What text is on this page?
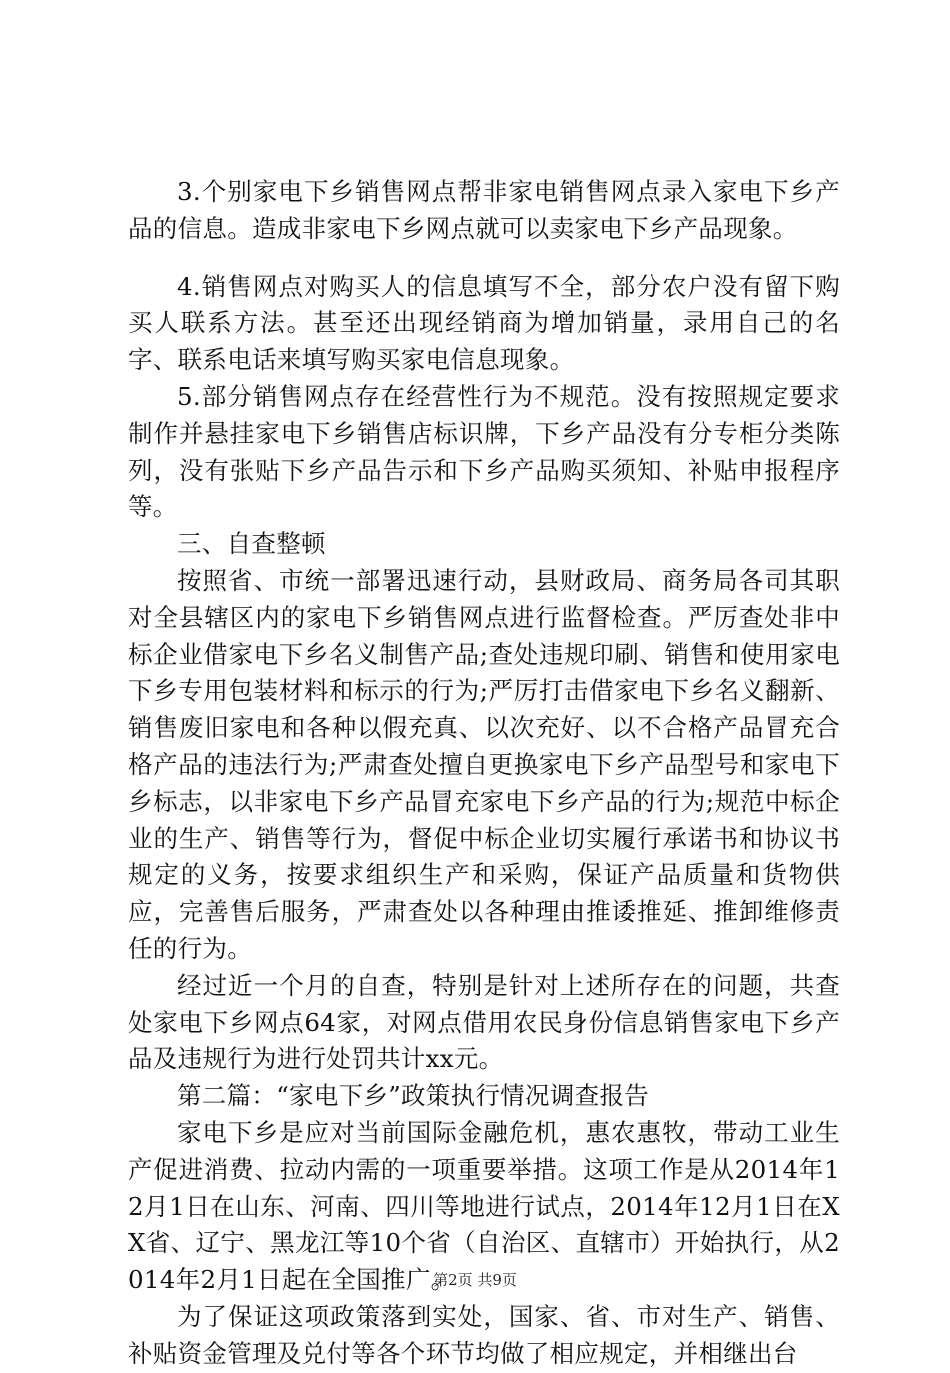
3.个别家电下乡销售网点帮非家电销售网点录入家电下乡产品的信息。造成非家电下乡网点就可以卖家电下乡产品现象。

4.销售网点对购买人的信息填写不全，部分农户没有留下购买人联系方法。甚至还出现经销商为增加销量，录用自己的名字、联系电话来填写购买家电信息现象。

5.部分销售网点存在经营性行为不规范。没有按照规定要求制作并悬挂家电下乡销售店标识牌，下乡产品没有分专柜分类陈列，没有张贴下乡产品告示和下乡产品购买须知、补贴申报程序等。

三、自查整顿

按照省、市统一部署迅速行动，县财政局、商务局各司其职对全县辖区内的家电下乡销售网点进行监督检查。严厉查处非中标企业借家电下乡名义制售产品;查处违规印刷、销售和使用家电下乡专用包装材料和标示的行为;严厉打击借家电下乡名义翻新、销售废旧家电和各种以假充真、以次充好、以不合格产品冒充合格产品的违法行为;严肃查处擅自更换家电下乡产品型号和家电下乡标志，以非家电下乡产品冒充家电下乡产品的行为;规范中标企业的生产、销售等行为，督促中标企业切实履行承诺书和协议书规定的义务，按要求组织生产和采购，保证产品质量和货物供应，完善售后服务，严肃查处以各种理由推诿推延、推卸维修责任的行为。

经过近一个月的自查，特别是针对上述所存在的问题，共查处家电下乡网点64家，对网点借用农民身份信息销售家电下乡产品及违规行为进行处罚共计xx元。

第二篇：“家电下乡”政策执行情况调查报告

家电下乡是应对当前国际金融危机，惠农惠牧，带动工业生产促进消费、拉动内需的一项重要举措。这项工作是从2014年12月1日在山东、河南、四川等地进行试点，2014年12月1日在XX省、辽宁、黑龙江等10个省（自治区、直辖市）开始执行，从2014年2月1日起在全国推广。

为了保证这项政策落到实处，国家、省、市对生产、销售、补贴资金管理及兑付等各个环节均做了相应规定，并相继出台

第2页 共9页
